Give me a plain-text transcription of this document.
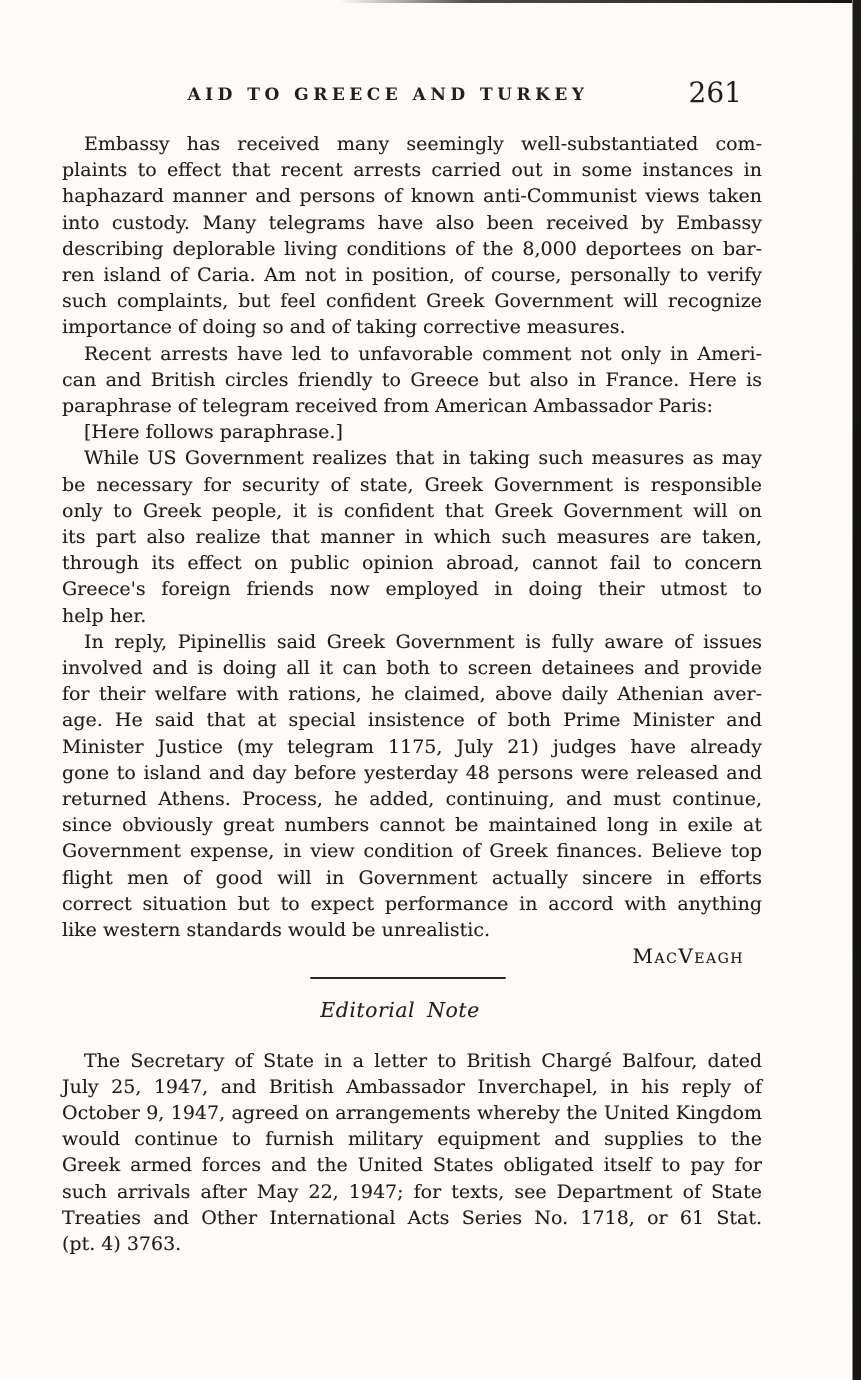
AID TO GREECE AND TURKEY	261

Embassy has received many seemingly well-substantiated com-
plaints to effect that recent arrests carried out in some instances in
haphazard manner and persons of known anti-Communist views taken
into custody. Many telegrams have also been received by Embassy
describing deplorable living conditions of the 8,000 deportees on bar-
ren island of Caria. Am not in position, of course, personally to verify
such complaints, but feel confident Greek Government will recognize
importance of doing so and of taking corrective measures.

Recent arrests have led to unfavorable comment not only in Ameri-
can and British circles friendly to Greece but also in France. Here is
paraphrase of telegram received from American Ambassador Paris:

[Here follows paraphrase.]

While US Government realizes that in taking such measures as may
be necessary for security of state, Greek Government is responsible
only to Greek people, it is confident that Greek Government will on
its part also realize that manner in which such measures are taken,
through its effect on public opinion abroad, cannot fail to concern
Greece's foreign friends now employed in doing their utmost to
help her.

In reply, Pipinellis said Greek Government is fully aware of issues
involved and is doing all it can both to screen detainees and provide
for their welfare with rations, he claimed, above daily Athenian aver-
age. He said that at special insistence of both Prime Minister and
Minister Justice (my telegram 1175, July 21) judges have already
gone to island and day before yesterday 48 persons were released and
returned Athens. Process, he added, continuing, and must continue,
since obviously great numbers cannot be maintained long in exile at
Government expense, in view condition of Greek finances. Believe top
flight men of good will in Government actually sincere in efforts
correct situation but to expect performance in accord with anything
like western standards would be unrealistic.

MacVeagh
Editorial Note

The Secretary of State in a letter to British Chargé Balfour, dated
July 25, 1947, and British Ambassador Inverchapel, in his reply of
October 9, 1947, agreed on arrangements whereby the United Kingdom
would continue to furnish military equipment and supplies to the
Greek armed forces and the United States obligated itself to pay for
such arrivals after May 22, 1947; for texts, see Department of State
Treaties and Other International Acts Series No. 1718, or 61 Stat.
(pt. 4) 3763.
